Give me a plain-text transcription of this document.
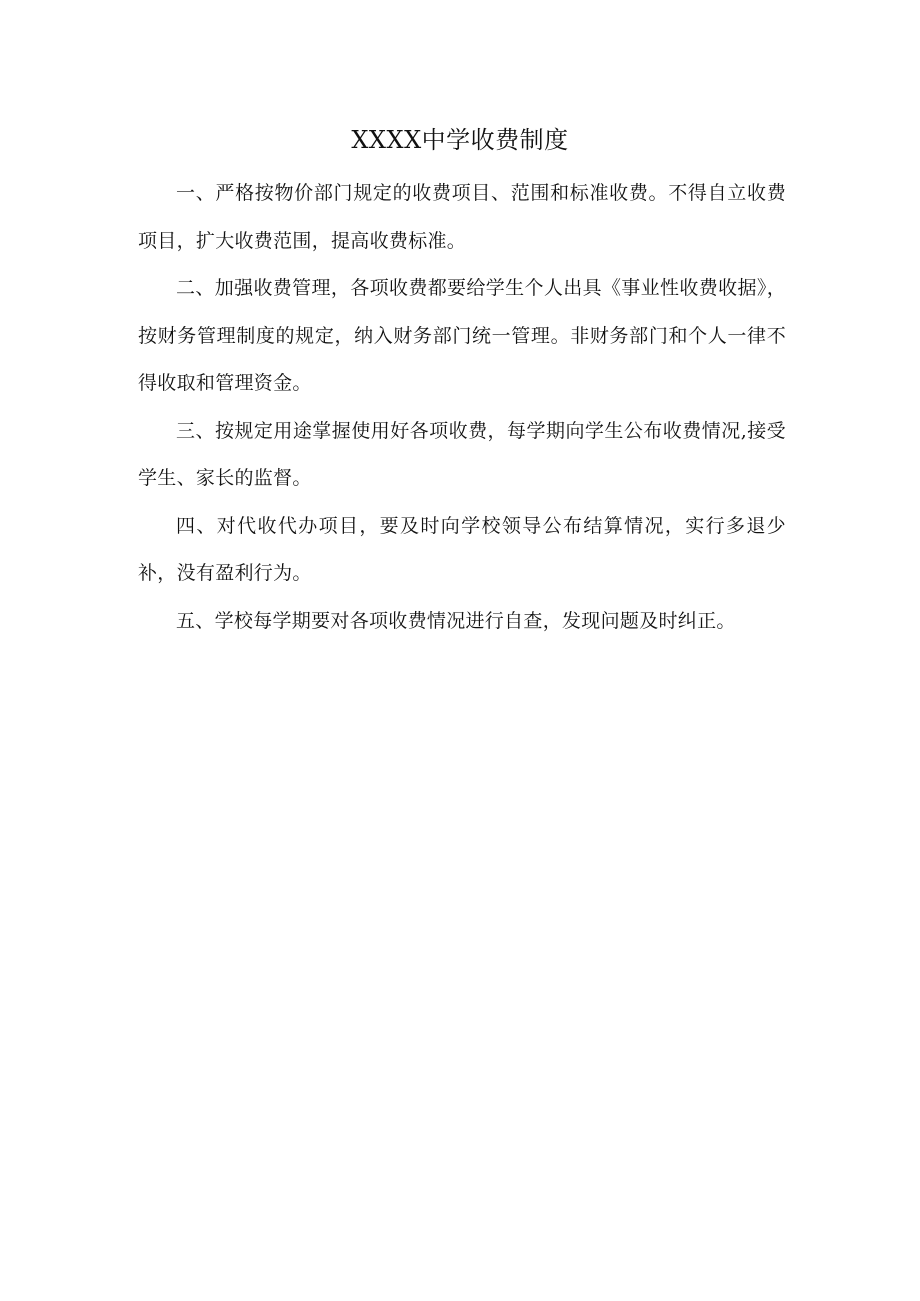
XXXX中学收费制度

一、严格按物价部门规定的收费项目、范围和标准收费。不得自立收费项目，扩大收费范围，提高收费标准。

二、加强收费管理，各项收费都要给学生个人出具《事业性收费收据》，按财务管理制度的规定，纳入财务部门统一管理。非财务部门和个人一律不得收取和管理资金。

三、按规定用途掌握使用好各项收费，每学期向学生公布收费情况,接受学生、家长的监督。

四、对代收代办项目，要及时向学校领导公布结算情况，实行多退少补，没有盈利行为。

五、学校每学期要对各项收费情况进行自查，发现问题及时纠正。
